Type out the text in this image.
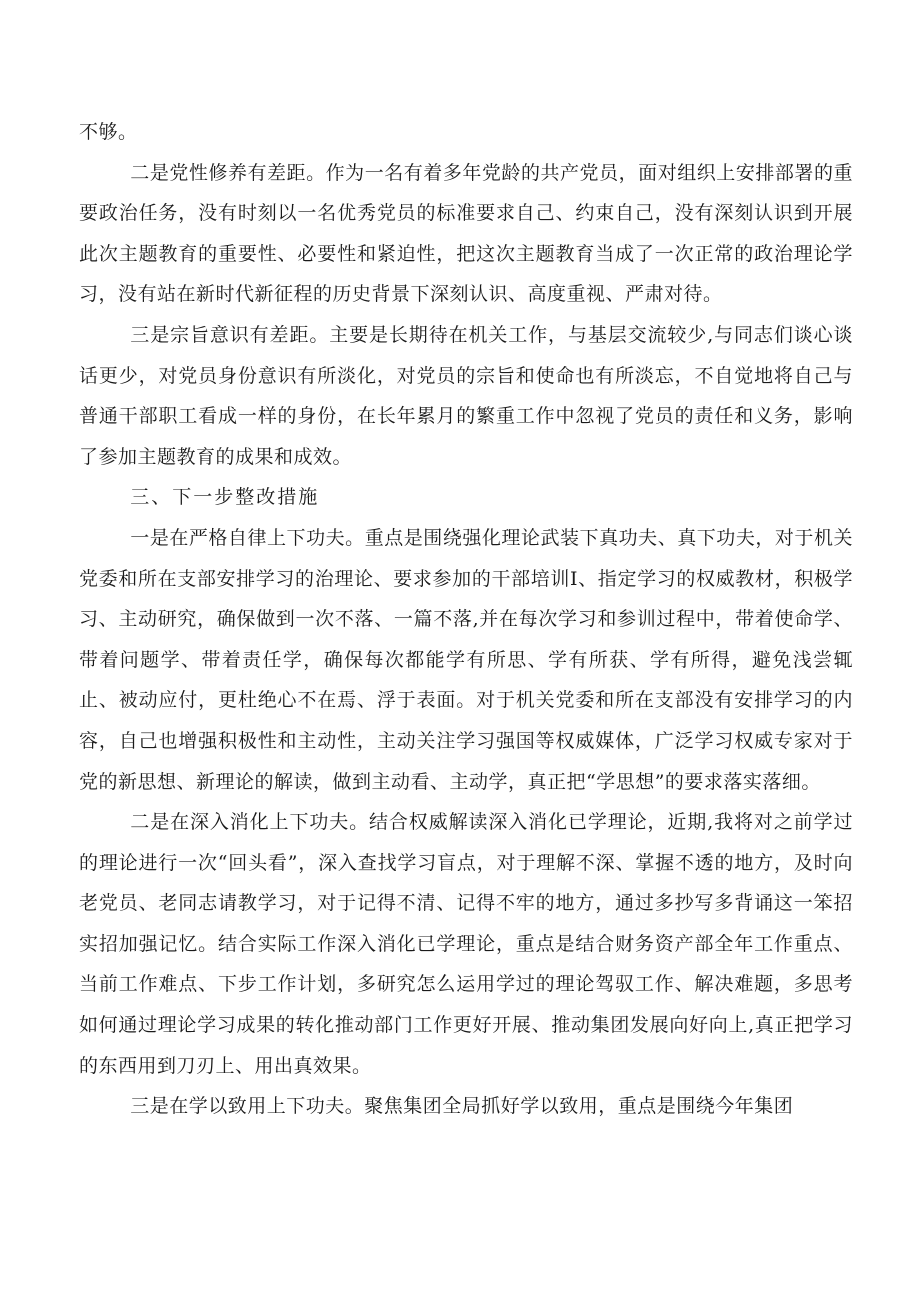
不够。

二是党性修养有差距。作为一名有着多年党龄的共产党员，面对组织上安排部署的重要政治任务，没有时刻以一名优秀党员的标准要求自己、约束自己，没有深刻认识到开展此次主题教育的重要性、必要性和紧迫性，把这次主题教育当成了一次正常的政治理论学习，没有站在新时代新征程的历史背景下深刻认识、高度重视、严肃对待。

三是宗旨意识有差距。主要是长期待在机关工作，与基层交流较少,与同志们谈心谈话更少，对党员身份意识有所淡化，对党员的宗旨和使命也有所淡忘，不自觉地将自己与普通干部职工看成一样的身份，在长年累月的繁重工作中忽视了党员的责任和义务，影响了参加主题教育的成果和成效。

三、下一步整改措施

一是在严格自律上下功夫。重点是围绕强化理论武装下真功夫、真下功夫，对于机关党委和所在支部安排学习的治理论、要求参加的干部培训I、指定学习的权威教材，积极学习、主动研究，确保做到一次不落、一篇不落,并在每次学习和参训过程中，带着使命学、带着问题学、带着责任学，确保每次都能学有所思、学有所获、学有所得，避免浅尝辄止、被动应付，更杜绝心不在焉、浮于表面。对于机关党委和所在支部没有安排学习的内容，自己也增强积极性和主动性，主动关注学习强国等权威媒体，广泛学习权威专家对于党的新思想、新理论的解读，做到主动看、主动学，真正把“学思想”的要求落实落细。

二是在深入消化上下功夫。结合权威解读深入消化已学理论，近期,我将对之前学过的理论进行一次“回头看”，深入查找学习盲点，对于理解不深、掌握不透的地方，及时向老党员、老同志请教学习，对于记得不清、记得不牢的地方，通过多抄写多背诵这一笨招实招加强记忆。结合实际工作深入消化已学理论，重点是结合财务资产部全年工作重点、当前工作难点、下步工作计划，多研究怎么运用学过的理论驾驭工作、解决难题，多思考如何通过理论学习成果的转化推动部门工作更好开展、推动集团发展向好向上,真正把学习的东西用到刀刃上、用出真效果。

三是在学以致用上下功夫。聚焦集团全局抓好学以致用，重点是围绕今年集团
